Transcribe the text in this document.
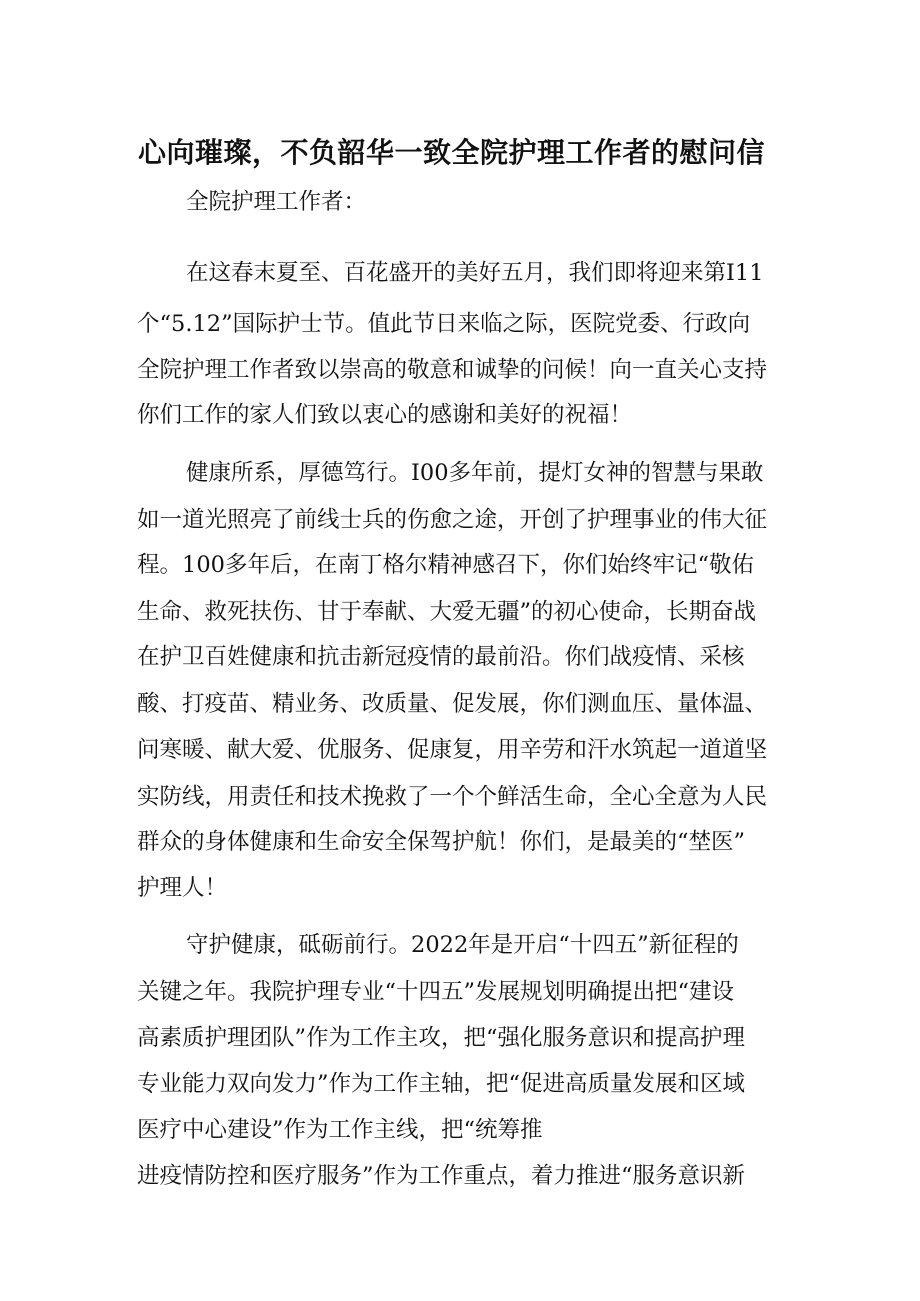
心向璀璨，不负韶华一致全院护理工作者的慰问信
全院护理工作者：
在这春末夏至、百花盛开的美好五月，我们即将迎来第I11
个“5.12”国际护士节。值此节日来临之际，医院党委、行政向
全院护理工作者致以崇高的敬意和诚挚的问候！向一直关心支持
你们工作的家人们致以衷心的感谢和美好的祝福！
健康所系，厚德笃行。I00多年前，提灯女神的智慧与果敢
如一道光照亮了前线士兵的伤愈之途，开创了护理事业的伟大征
程。100多年后，在南丁格尔精神感召下，你们始终牢记“敬佑
生命、救死扶伤、甘于奉献、大爱无疆”的初心使命，长期奋战
在护卫百姓健康和抗击新冠疫情的最前沿。你们战疫情、采核
酸、打疫苗、精业务、改质量、促发展，你们测血压、量体温、
问寒暖、献大爱、优服务、促康复，用辛劳和汗水筑起一道道坚
实防线，用责任和技术挽救了一个个鲜活生命，全心全意为人民
群众的身体健康和生命安全保驾护航！你们，是最美的“埜医”
护理人！
守护健康，砥砺前行。2022年是开启“十四五”新征程的
关键之年。我院护理专业“十四五”发展规划明确提出把“建设
高素质护理团队”作为工作主攻，把“强化服务意识和提高护理
专业能力双向发力”作为工作主轴，把“促进高质量发展和区域
医疗中心建设”作为工作主线，把“统筹推
进疫情防控和医疗服务”作为工作重点，着力推进“服务意识新
